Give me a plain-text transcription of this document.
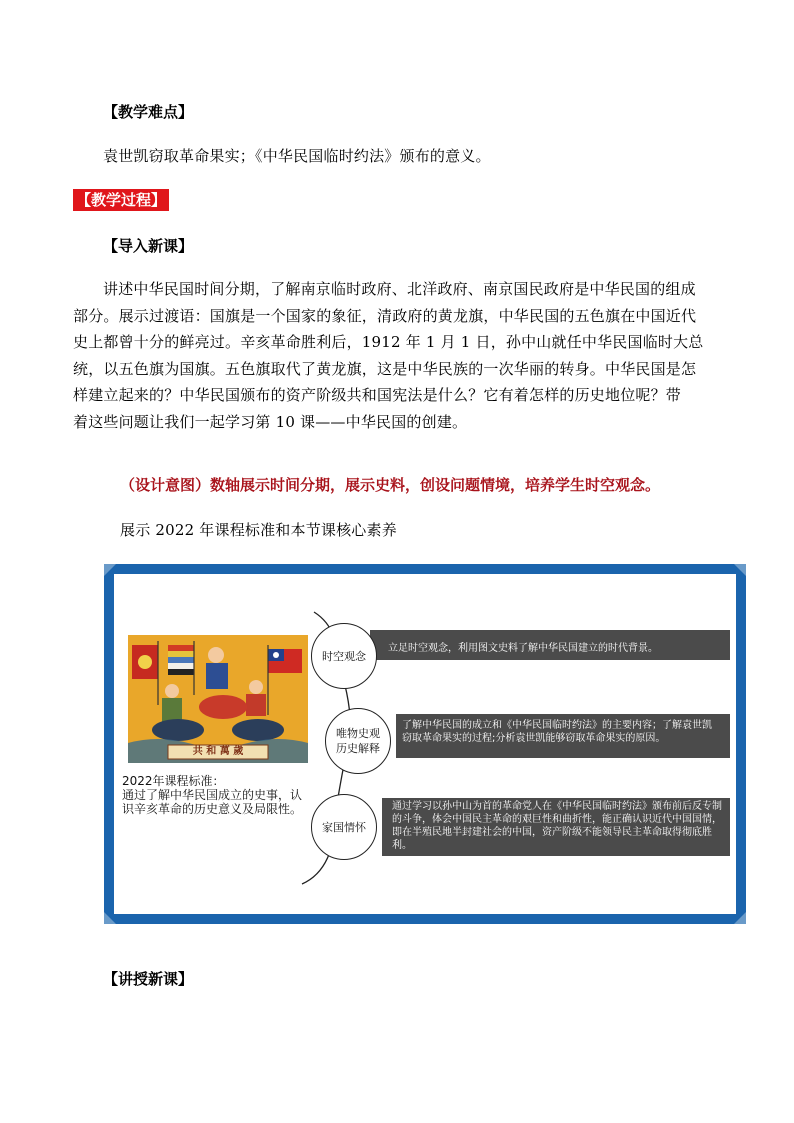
【教学难点】
袁世凯窃取革命果实；《中华民国临时约法》颁布的意义。
【教学过程】
【导入新课】
讲述中华民国时间分期，了解南京临时政府、北洋政府、南京国民政府是中华民国的组成
部分。展示过渡语：国旗是一个国家的象征，清政府的黄龙旗，中华民国的五色旗在中国近代
史上都曾十分的鲜亮过。辛亥革命胜利后，1912 年 1 月 1 日，孙中山就任中华民国临时大总
统，以五色旗为国旗。五色旗取代了黄龙旗，这是中华民族的一次华丽的转身。中华民国是怎
样建立起来的？中华民国颁布的资产阶级共和国宪法是什么？它有着怎样的历史地位呢？带
着这些问题让我们一起学习第 10 课——中华民国的创建。
（设计意图）数轴展示时间分期，展示史料，创设问题情境，培养学生时空观念。
展示 2022 年课程标准和本节课核心素养
共 和 萬 歲
2022年课程标准：
通过了解中华民国成立的史事，认识辛亥革命的历史意义及局限性。
立足时空观念，利用图文史料了解中华民国建立的时代背景。
时空观念
了解中华民国的成立和《中华民国临时约法》的主要内容；了解袁世凯窃取革命果实的过程;分析袁世凯能够窃取革命果实的原因。
唯物史观
历史解释
通过学习以孙中山为首的革命党人在《中华民国临时约法》颁布前后反专制的斗争，体会中国民主革命的艰巨性和曲折性，能正确认识近代中国国情，即在半殖民地半封建社会的中国，资产阶级不能领导民主革命取得彻底胜利。
家国情怀
【讲授新课】
